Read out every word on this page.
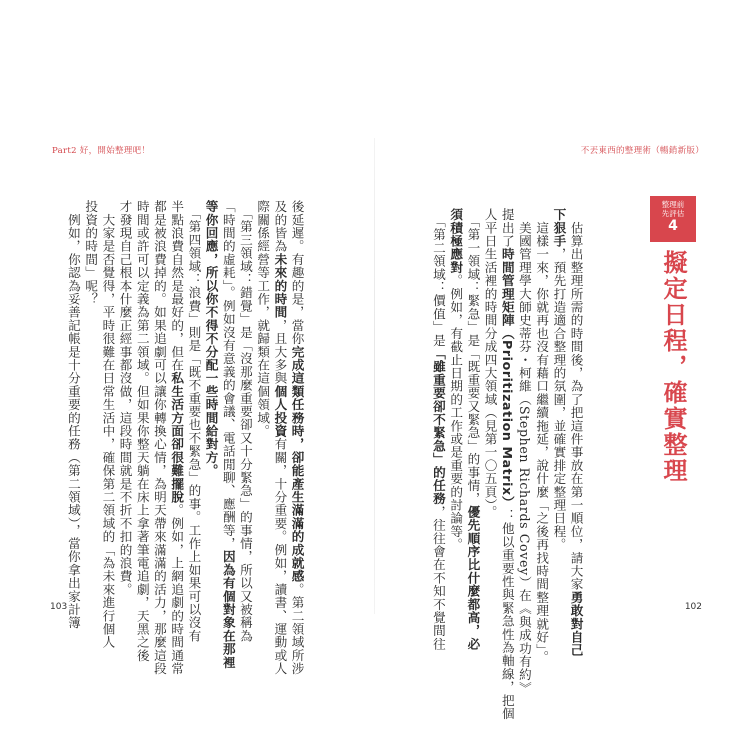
Part2 好，開始整理吧！	不丟東西的整理術（暢銷新版）
整理前
先評估
4
擬定日程，確實整理
　估算出整理所需的時間後，為了把這件事放在第一順位，請大家勇敢對自己
下狠手，預先打造適合整理的氛圍，並確實排定整理日程。
　這樣一來，你就再也沒有藉口繼續拖延，說什麼「之後再找時間整理就好」。
　美國管理學大師史蒂芬・柯維（Stephen Richards Covey）在《與成功有約》
提出了時間管理矩陣（Prioritization Matrix）：他以重要性與緊急性為軸線，把個
人平日生活裡的時間分成四大領域（見第一〇五頁）。
　「第一領域：緊急」是「既重要又緊急」的事情，優先順序比什麼都高，必
須積極應對。例如，有截止日期的工作或是重要的討論等。
　「第二領域：價值」是「雖重要卻不緊急」的任務，往往會在不知不覺間往
後延遲。有趣的是，當你完成這類任務時，卻能產生滿滿的成就感。第二領域所涉
及的皆為未來的時間，且大多與個人投資有關，十分重要。例如，讀書、運動或人
際關係經營等工作，就歸類在這個領域。
　「第三領域：錯覺」是「沒那麼重要卻又十分緊急」的事情，所以又被稱為
「時間的虛耗」。例如沒有意義的會議、電話閒聊、應酬等，因為有個對象在那裡
等你回應，所以你不得不分配一些時間給對方。
　「第四領域：浪費」則是「既不重要也不緊急」的事。工作上如果可以沒有
半點浪費自然是最好的，但在私生活方面卻很難擺脫。例如，上網追劇的時間通常
都是被浪費掉的。如果追劇可以讓你轉換心情，為明天帶來滿滿的活力，那麼這段
時間或許可以定義為第二領域。但如果你整天躺在床上拿著筆電追劇，天黑之後
才發現自己根本什麼正經事都沒做，這段時間就是不折不扣的浪費。
　大家是否覺得，平時很難在日常生活中，確保第二領域的「為未來進行個人
投資的時間」呢？
　例如，你認為妥善記帳是十分重要的任務（第二領域），當你拿出家計簿
103	102
